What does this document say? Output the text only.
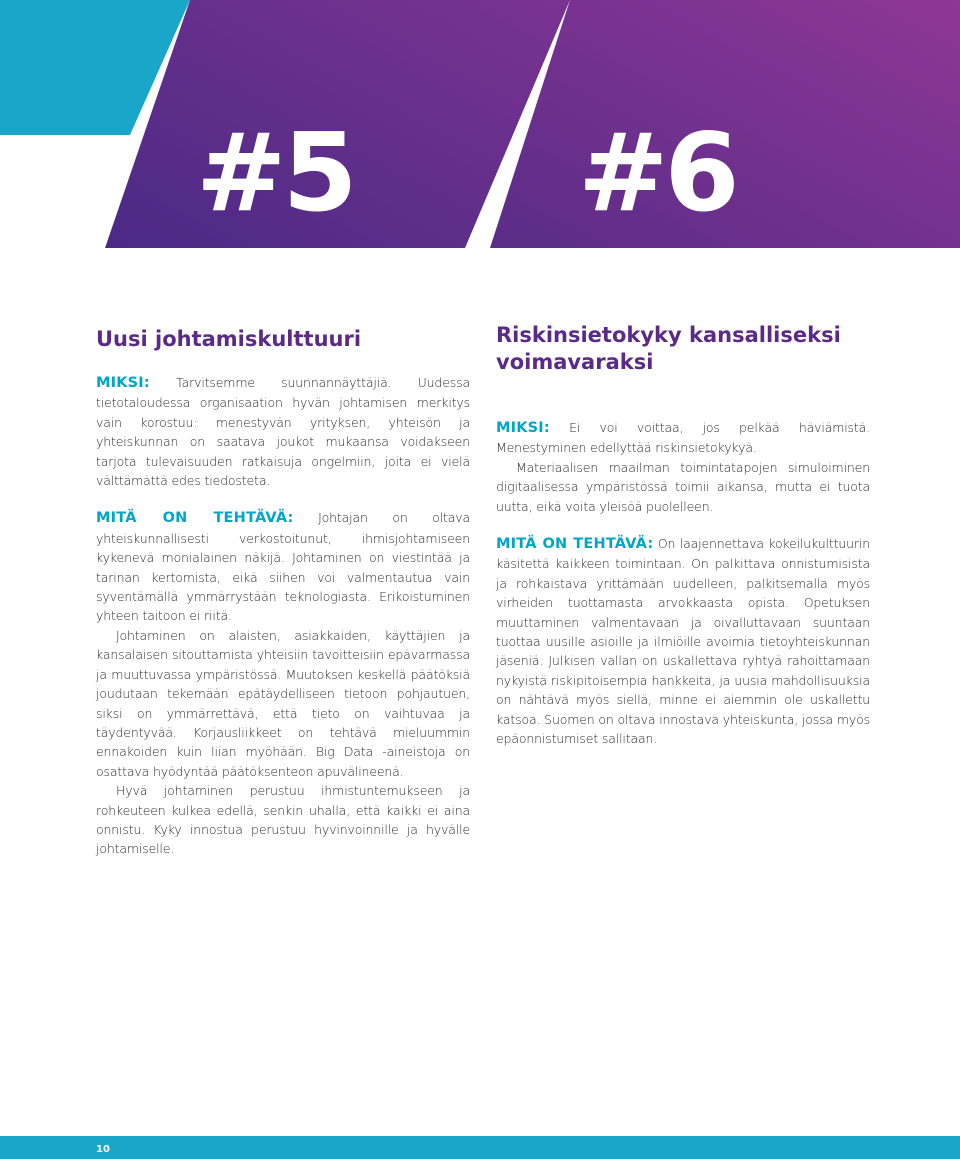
#5 #6

Uusi johtamiskulttuuri

MIKSI: Tarvitsemme suunnannäyttäjiä. Uudessa tietotaloudessa organisaation hyvän johtamisen merkitys vain korostuu: menestyvän yrityksen, yhteisön ja yhteiskunnan on saatava joukot mukaansa voidakseen tarjota tulevaisuuden ratkaisuja ongelmiin, joita ei vielä välttämättä edes tiedosteta.

MITÄ ON TEHTÄVÄ: Johtajan on oltava yhteiskunnallisesti verkostoitunut, ihmisjohtamiseen kykenevä monialainen näkijä. Johtaminen on viestintää ja tarinan kertomista, eikä siihen voi valmentautua vain syventämällä ymmärrystään teknologiasta. Erikoistuminen yhteen taitoon ei riitä.

Johtaminen on alaisten, asiakkaiden, käyttäjien ja kansalaisen sitouttamista yhteisiin tavoitteisiin epävarmassa ja muuttuvassa ympäristössä. Muutoksen keskellä päätöksiä joudutaan tekemään epätäydelliseen tietoon pohjautuen, siksi on ymmärrettävä, että tieto on vaihtuvaa ja täydentyvää. Korjausliikkeet on tehtävä mieluummin ennakoiden kuin liian myöhään. Big Data -aineistoja on osattava hyödyntää päätöksenteon apuvälineenä.

Hyvä johtaminen perustuu ihmistuntemukseen ja rohkeuteen kulkea edellä, senkin uhalla, että kaikki ei aina onnistu. Kyky innostua perustuu hyvinvoinnille ja hyvälle johtamiselle.

Riskinsietokyky kansalliseksi voimavaraksi

MIKSI: Ei voi voittaa, jos pelkää häviämistä. Menestyminen edellyttää riskinsietokykyä.

Materiaalisen maailman toimintatapojen simuloiminen digitaalisessa ympäristössä toimii aikansa, mutta ei tuota uutta, eikä voita yleisöä puolelleen.

MITÄ ON TEHTÄVÄ: On laajennettava kokeilukulttuurin käsitettä kaikkeen toimintaan. On palkittava onnistumisista ja rohkaistava yrittämään uudelleen, palkitsemalla myös virheiden tuottamasta arvokkaasta opista. Opetuksen muuttaminen valmentavaan ja oivalluttavaan suuntaan tuottaa uusille asioille ja ilmiöille avoimia tietoyhteiskunnan jäseniä. Julkisen vallan on uskallettava ryhtyä rahoittamaan nykyistä riskipitoisempia hankkeita, ja uusia mahdollisuuksia on nähtävä myös siellä, minne ei aiemmin ole uskallettu katsoa. Suomen on oltava innostava yhteiskunta, jossa myös epäonnistumiset sallitaan.

10
